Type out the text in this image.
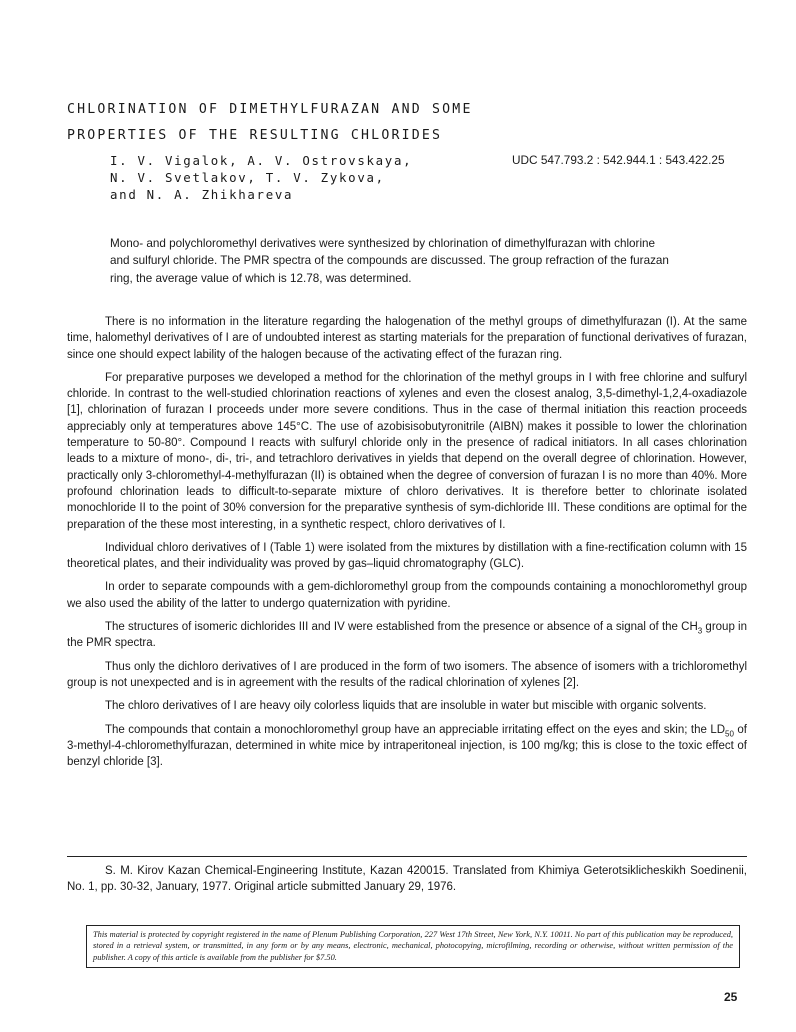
CHLORINATION OF DIMETHYLFURAZAN AND SOME
PROPERTIES OF THE RESULTING CHLORIDES
I. V. Vigalok, A. V. Ostrovskaya,
N. V. Svetlakov, T. V. Zykova,
and N. A. Zhikhareva
UDC 547.793.2 : 542.944.1 : 543.422.25
Mono- and polychloromethyl derivatives were synthesized by chlorination of dimethylfurazan with chlorine and sulfuryl chloride. The PMR spectra of the compounds are discussed. The group refraction of the furazan ring, the average value of which is 12.78, was determined.

There is no information in the literature regarding the halogenation of the methyl groups of dimethylfurazan (I). At the same time, halomethyl derivatives of I are of undoubted interest as starting materials for the preparation of functional derivatives of furazan, since one should expect lability of the halogen because of the activating effect of the furazan ring.

For preparative purposes we developed a method for the chlorination of the methyl groups in I with free chlorine and sulfuryl chloride. In contrast to the well-studied chlorination reactions of xylenes and even the closest analog, 3,5-dimethyl-1,2,4-oxadiazole [1], chlorination of furazan I proceeds under more severe conditions. Thus in the case of thermal initiation this reaction proceeds appreciably only at temperatures above 145°C. The use of azobisisobutyronitrile (AIBN) makes it possible to lower the chlorination temperature to 50-80°. Compound I reacts with sulfuryl chloride only in the presence of radical initiators. In all cases chlorination leads to a mixture of mono-, di-, tri-, and tetrachloro derivatives in yields that depend on the overall degree of chlorination. However, practically only 3-chloromethyl-4-methylfurazan (II) is obtained when the degree of conversion of furazan I is no more than 40%. More profound chlorination leads to difficult-to-separate mixture of chloro derivatives. It is therefore better to chlorinate isolated monochloride II to the point of 30% conversion for the preparative synthesis of sym-dichloride III. These conditions are optimal for the preparation of the these most interesting, in a synthetic respect, chloro derivatives of I.

Individual chloro derivatives of I (Table 1) were isolated from the mixtures by distillation with a fine-rectification column with 15 theoretical plates, and their individuality was proved by gas–liquid chromatography (GLC).

In order to separate compounds with a gem-dichloromethyl group from the compounds containing a monochloromethyl group we also used the ability of the latter to undergo quaternization with pyridine.

The structures of isomeric dichlorides III and IV were established from the presence or absence of a signal of the $CH_3$ group in the PMR spectra.

Thus only the dichloro derivatives of I are produced in the form of two isomers. The absence of isomers with a trichloromethyl group is not unexpected and is in agreement with the results of the radical chlorination of xylenes [2].

The chloro derivatives of I are heavy oily colorless liquids that are insoluble in water but miscible with organic solvents.

The compounds that contain a monochloromethyl group have an appreciable irritating effect on the eyes and skin; the $LD_{50}$ of 3-methyl-4-chloromethylfurazan, determined in white mice by intraperitoneal injection, is 100 mg/kg; this is close to the toxic effect of benzyl chloride [3].

S. M. Kirov Kazan Chemical-Engineering Institute, Kazan 420015. Translated from Khimiya Geterotsiklicheskikh Soedinenii, No. 1, pp. 30-32, January, 1977. Original article submitted January 29, 1976.

This material is protected by copyright registered in the name of Plenum Publishing Corporation, 227 West 17th Street, New York, N.Y. 10011. No part of this publication may be reproduced, stored in a retrieval system, or transmitted, in any form or by any means, electronic, mechanical, photocopying, microfilming, recording or otherwise, without written permission of the publisher. A copy of this article is available from the publisher for $7.50.
25
